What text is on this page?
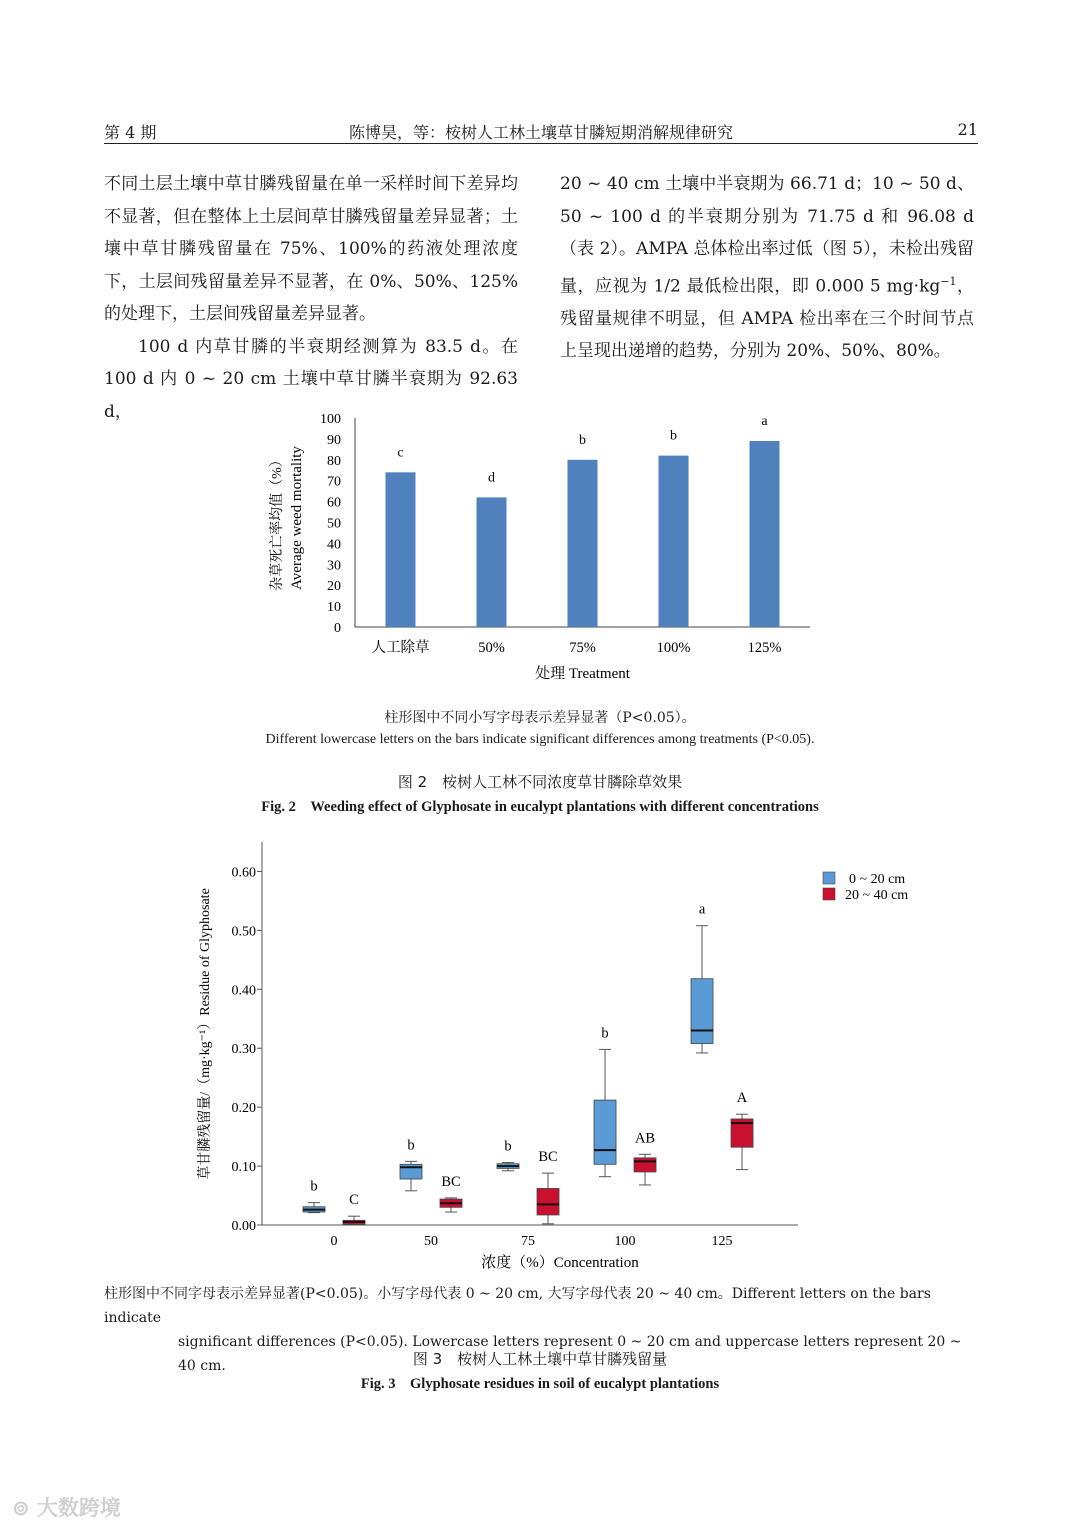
第 4 期	陈博昊，等：桉树人工林土壤草甘膦短期消解规律研究	21

不同土层土壤中草甘膦残留量在单一采样时间下差异均不显著，但在整体上土层间草甘膦残留量差异显著；土壤中草甘膦残留量在 75%、100%的药液处理浓度下，土层间残留量差异不显著，在 0%、50%、125%的处理下，土层间残留量差异显著。

100 d 内草甘膦的半衰期经测算为 83.5 d。在 100 d 内 0 ~ 20 cm 土壤中草甘膦半衰期为 92.63 d，

20 ~ 40 cm 土壤中半衰期为 66.71 d；10 ~ 50 d、50 ~ 100 d 的半衰期分别为 71.75 d 和 96.08 d（表 2）。AMPA 总体检出率过低（图 5），未检出残留量，应视为 1/2 最低检出限，即 0.000 5 $mg\cdot kg^{-1}$，残留量规律不明显，但 AMPA 检出率在三个时间节点上呈现出递增的趋势，分别为 20%、50%、80%。

0
10
20
30
40
50
60
70
80
90
100
c
人工除草
d
50%
b
75%
b
100%
a
125%
处理 Treatment
杂草死亡率均值（%） Average weed mortality
柱形图中不同小写字母表示差异显著（P<0.05）。
Different lowercase letters on the bars indicate significant differences among treatments (P<0.05).
图 2　桉树人工林不同浓度草甘膦除草效果
Fig. 2　Weeding effect of Glyphosate in eucalypt plantations with different concentrations
0.00
0.10
0.20
0.30
0.40
0.50
0.60
0
b
C
50
b
BC
75
b
BC
100
b
AB
125
a
A
浓度（%）Concentration
草甘膦残留量/（mg·kg⁻¹）Residue of Glyphosate
0 ~ 20 cm
20 ~ 40 cm
柱形图中不同字母表示差异显著(P<0.05)。小写字母代表 0 ~ 20 cm, 大写字母代表 20 ~ 40 cm。Different letters on the bars indicate
significant differences (P<0.05). Lowercase letters represent 0 ~ 20 cm and uppercase letters represent 20 ~ 40 cm.	图 3　桉树人工林土壤中草甘膦残留量
Fig. 3　Glyphosate residues in soil of eucalypt plantations
⊚ 大数跨境
